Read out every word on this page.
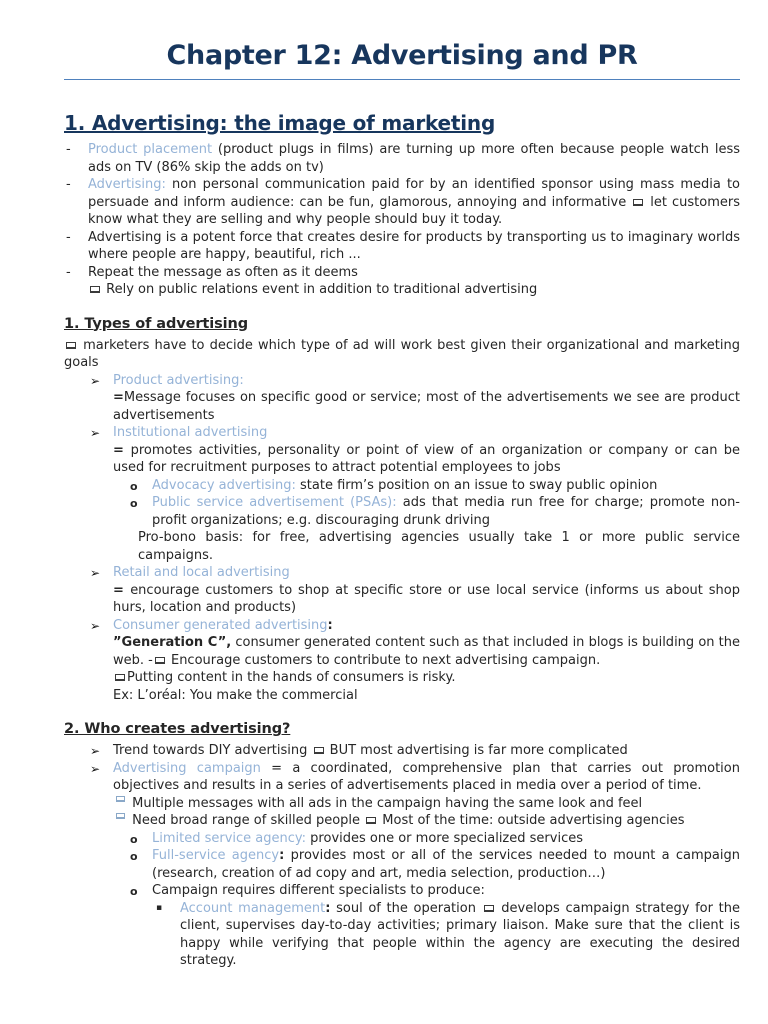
Chapter 12: Advertising and PR
1. Advertising: the image of marketing
- Product placement (product plugs in films) are turning up more often because people watch less ads on TV (86% skip the adds on tv)
- Advertising: non personal communication paid for by an identified sponsor using mass media to persuade and inform audience: can be fun, glamorous, annoying and informative  let customers know what they are selling and why people should buy it today.
- Advertising is a potent force that creates desire for products by transporting us to imaginary worlds where people are happy, beautiful, rich ...
- Repeat the message as often as it deems
Rely on public relations event in addition to traditional advertising
1. Types of advertising
marketers have to decide which type of ad will work best given their organizational and marketing goals
➢ Product advertising:
=Message focuses on specific good or service; most of the advertisements we see are product advertisements
➢ Institutional advertising
= promotes activities, personality or point of view of an organization or company or can be used for recruitment purposes to attract potential employees to jobs
o Advocacy advertising: state firm’s position on an issue to sway public opinion
o Public service advertisement (PSAs): ads that media run free for charge; promote non-profit organizations; e.g. discouraging drunk driving
Pro-bono basis: for free, advertising agencies usually take 1 or more public service campaigns.
➢ Retail and local advertising
= encourage customers to shop at specific store or use local service (informs us about shop hurs, location and products)
➢ Consumer generated advertising:
”Generation C”, consumer generated content such as that included in blogs is building on the web. - Encourage customers to contribute to next advertising campaign.
Putting content in the hands of consumers is risky.
Ex: L’oréal: You make the commercial
2. Who creates advertising?
➢ Trend towards DIY advertising  BUT most advertising is far more complicated
➢ Advertising campaign = a coordinated, comprehensive plan that carries out promotion objectives and results in a series of advertisements placed in media over a period of time.
Multiple messages with all ads in the campaign having the same look and feel
Need broad range of skilled people  Most of the time: outside advertising agencies
o Limited service agency: provides one or more specialized services
o Full-service agency: provides most or all of the services needed to mount a campaign (research, creation of ad copy and art, media selection, production…)
o Campaign requires different specialists to produce:
▪ Account management: soul of the operation  develops campaign strategy for the client, supervises day-to-day activities; primary liaison. Make sure that the client is happy while verifying that people within the agency are executing the desired strategy.
